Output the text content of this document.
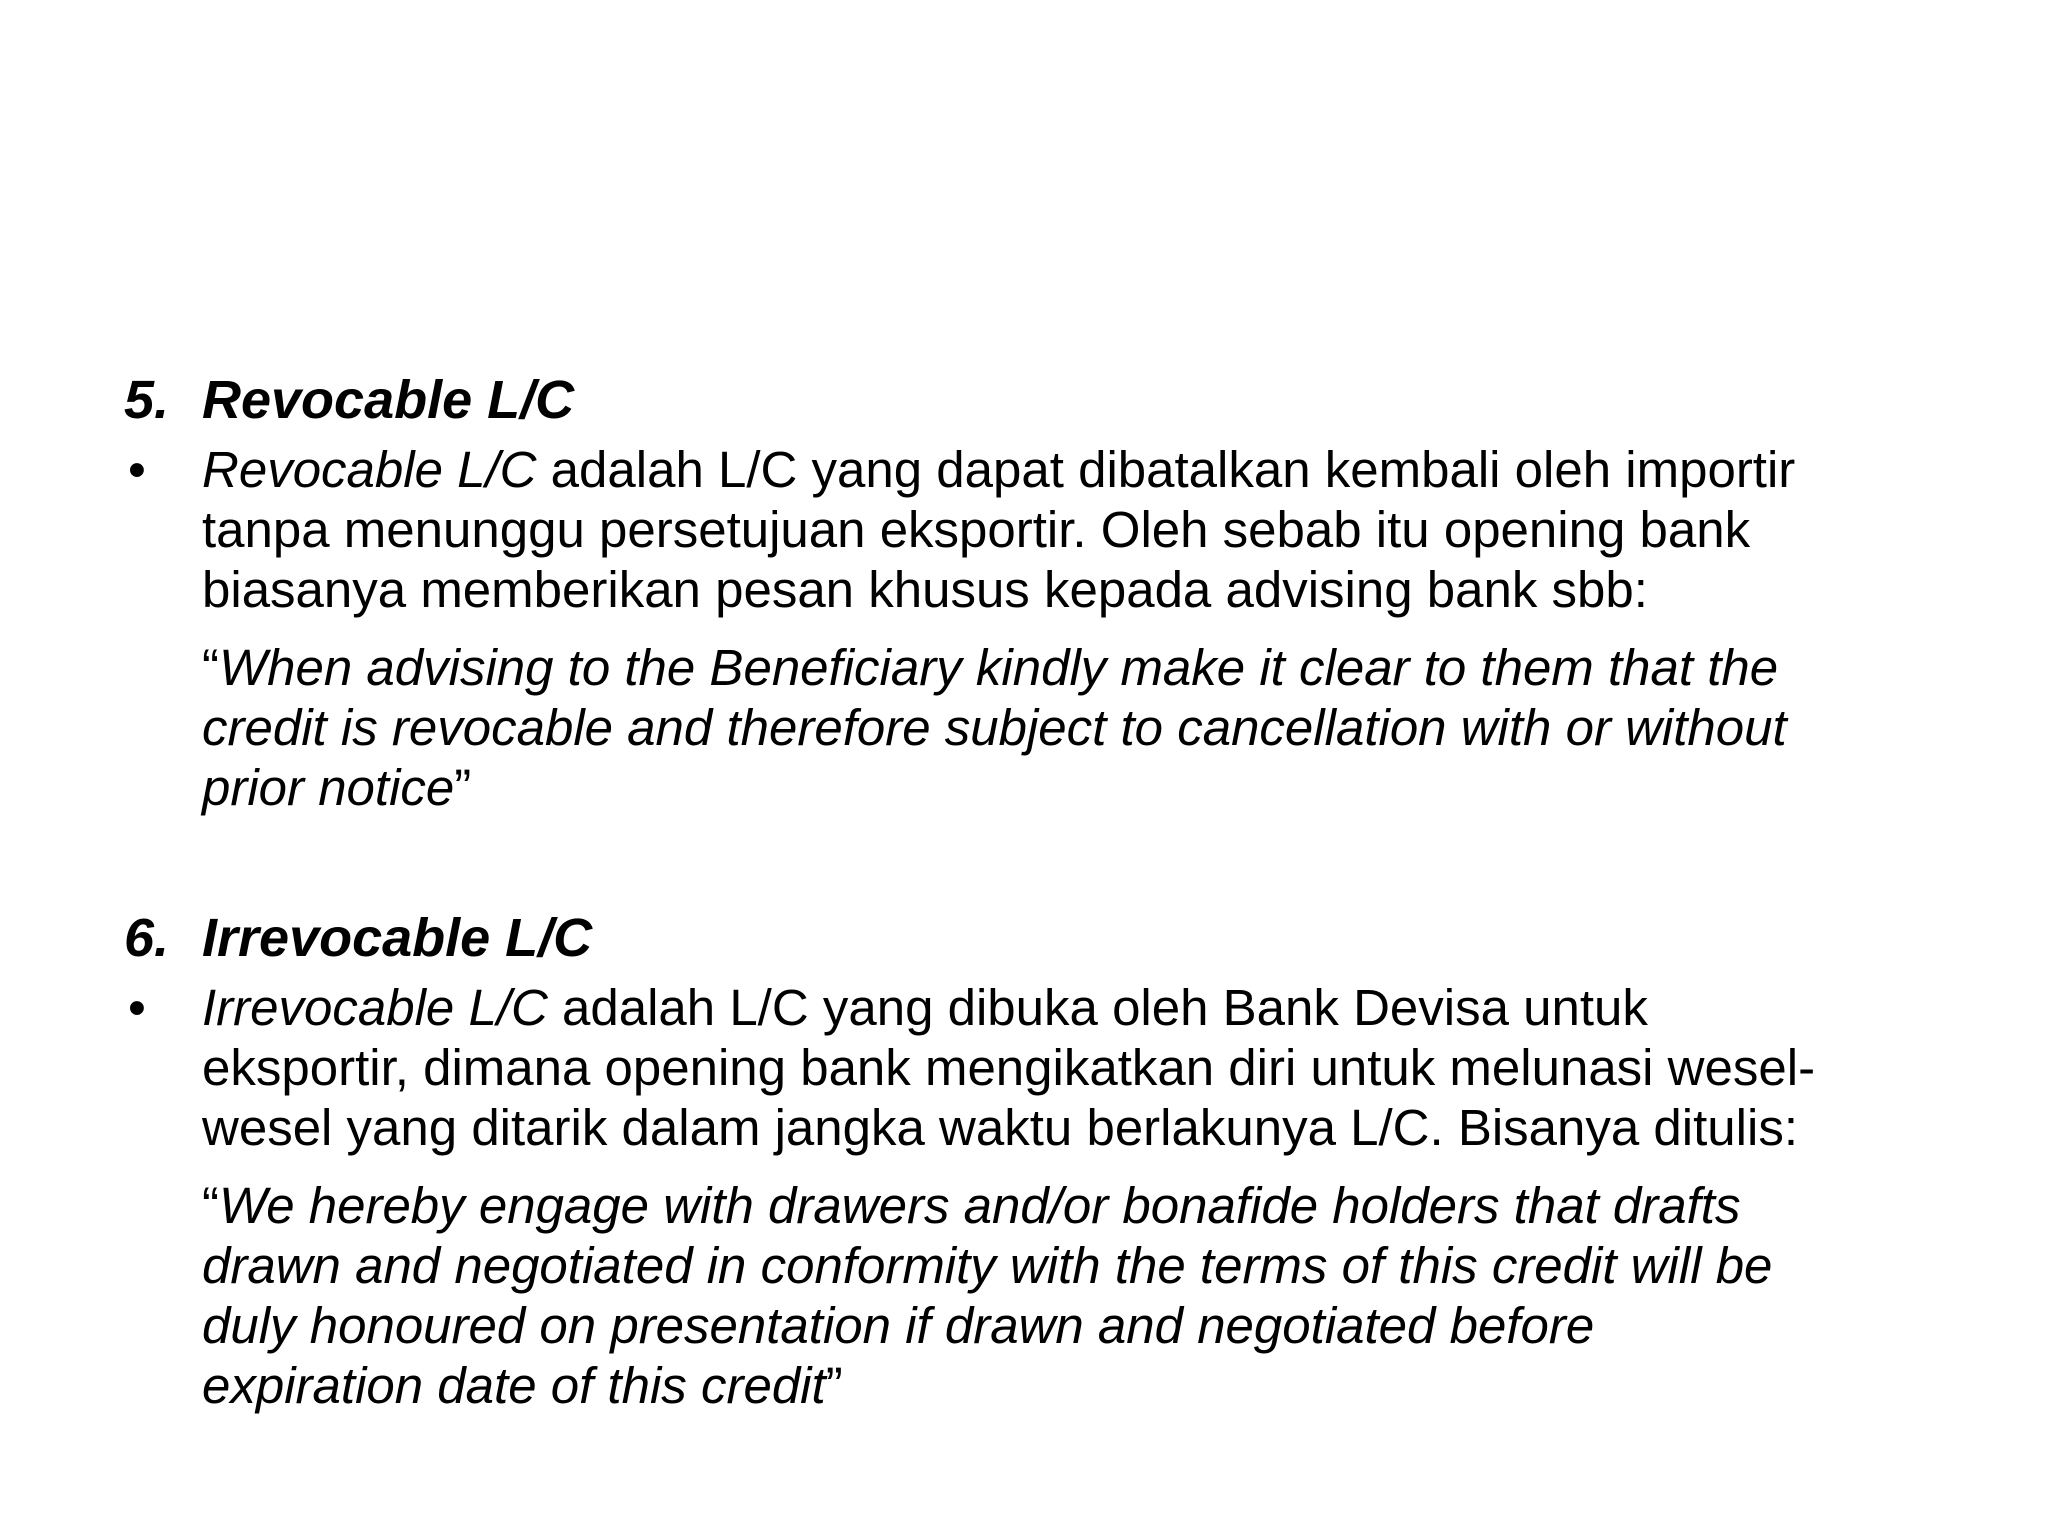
5. Revocable L/C
• Revocable L/C adalah L/C yang dapat dibatalkan kembali oleh importir
tanpa menunggu persetujuan eksportir. Oleh sebab itu opening bank
biasanya memberikan pesan khusus kepada advising bank sbb:
“When advising to the Beneficiary kindly make it clear to them that the
credit is revocable and therefore subject to cancellation with or without
prior notice”
6. Irrevocable L/C
• Irrevocable L/C adalah L/C yang dibuka oleh Bank Devisa untuk
eksportir, dimana opening bank mengikatkan diri untuk melunasi wesel-
wesel yang ditarik dalam jangka waktu berlakunya L/C. Bisanya ditulis:
“We hereby engage with drawers and/or bonafide holders that drafts
drawn and negotiated in conformity with the terms of this credit will be
duly honoured on presentation if drawn and negotiated before
expiration date of this credit”
